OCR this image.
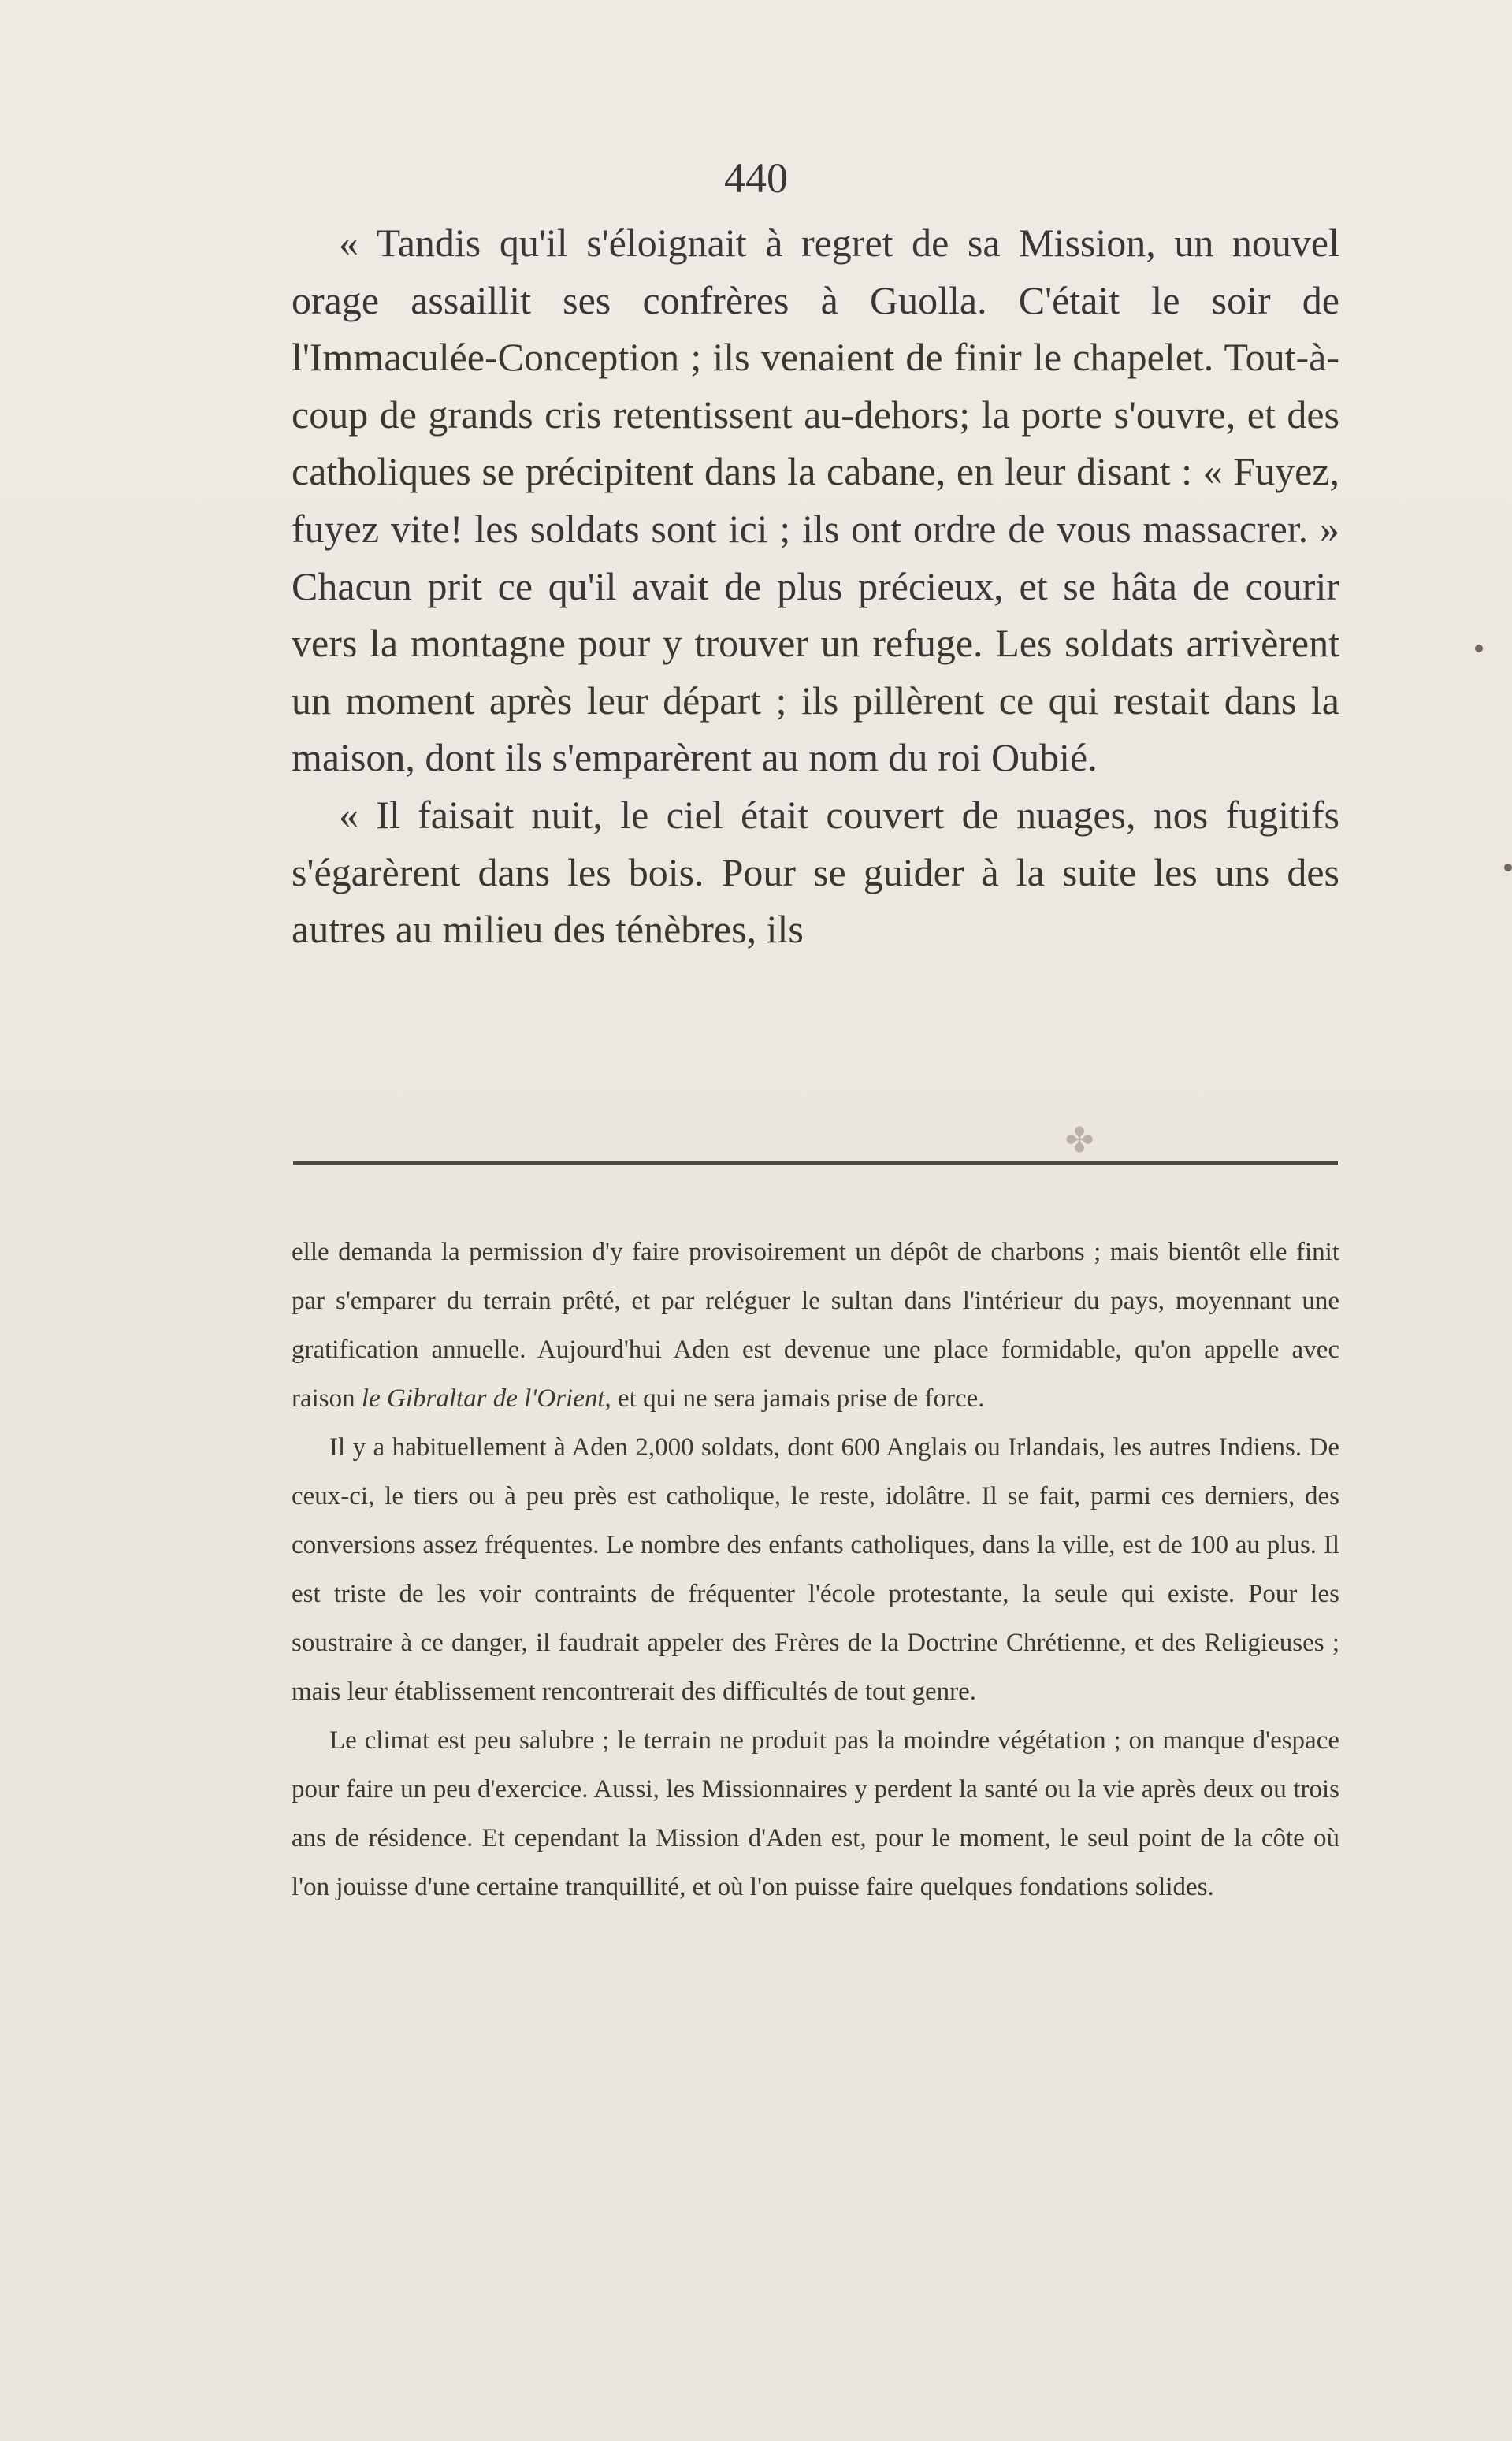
440

« Tandis qu'il s'éloignait à regret de sa Mission, un nouvel orage assaillit ses confrères à Guolla. C'était le soir de l'Immaculée-Conception ; ils venaient de finir le chapelet. Tout-à-coup de grands cris retentissent au-dehors; la porte s'ouvre, et des catholiques se précipitent dans la cabane, en leur disant : « Fuyez, fuyez vite! les soldats sont ici ; ils ont ordre de vous massacrer. » Chacun prit ce qu'il avait de plus précieux, et se hâta de courir vers la montagne pour y trouver un refuge. Les soldats arrivèrent un moment après leur départ ; ils pillèrent ce qui restait dans la maison, dont ils s'emparèrent au nom du roi Oubié.

« Il faisait nuit, le ciel était couvert de nuages, nos fugitifs s'égarèrent dans les bois. Pour se guider à la suite les uns des autres au milieu des ténèbres, ils

✤

elle demanda la permission d'y faire provisoirement un dépôt de charbons ; mais bientôt elle finit par s'emparer du terrain prêté, et par reléguer le sultan dans l'intérieur du pays, moyennant une gratification annuelle. Aujourd'hui Aden est devenue une place formidable, qu'on appelle avec raison le Gibraltar de l'Orient, et qui ne sera jamais prise de force.

Il y a habituellement à Aden 2,000 soldats, dont 600 Anglais ou Irlandais, les autres Indiens. De ceux-ci, le tiers ou à peu près est catholique, le reste, idolâtre. Il se fait, parmi ces derniers, des conversions assez fréquentes. Le nombre des enfants catholiques, dans la ville, est de 100 au plus. Il est triste de les voir contraints de fréquenter l'école protestante, la seule qui existe. Pour les soustraire à ce danger, il faudrait appeler des Frères de la Doctrine Chrétienne, et des Religieuses ; mais leur établissement rencontrerait des difficultés de tout genre.

Le climat est peu salubre ; le terrain ne produit pas la moindre végétation ; on manque d'espace pour faire un peu d'exercice. Aussi, les Missionnaires y perdent la santé ou la vie après deux ou trois ans de résidence. Et cependant la Mission d'Aden est, pour le moment, le seul point de la côte où l'on jouisse d'une certaine tranquillité, et où l'on puisse faire quelques fondations solides.
